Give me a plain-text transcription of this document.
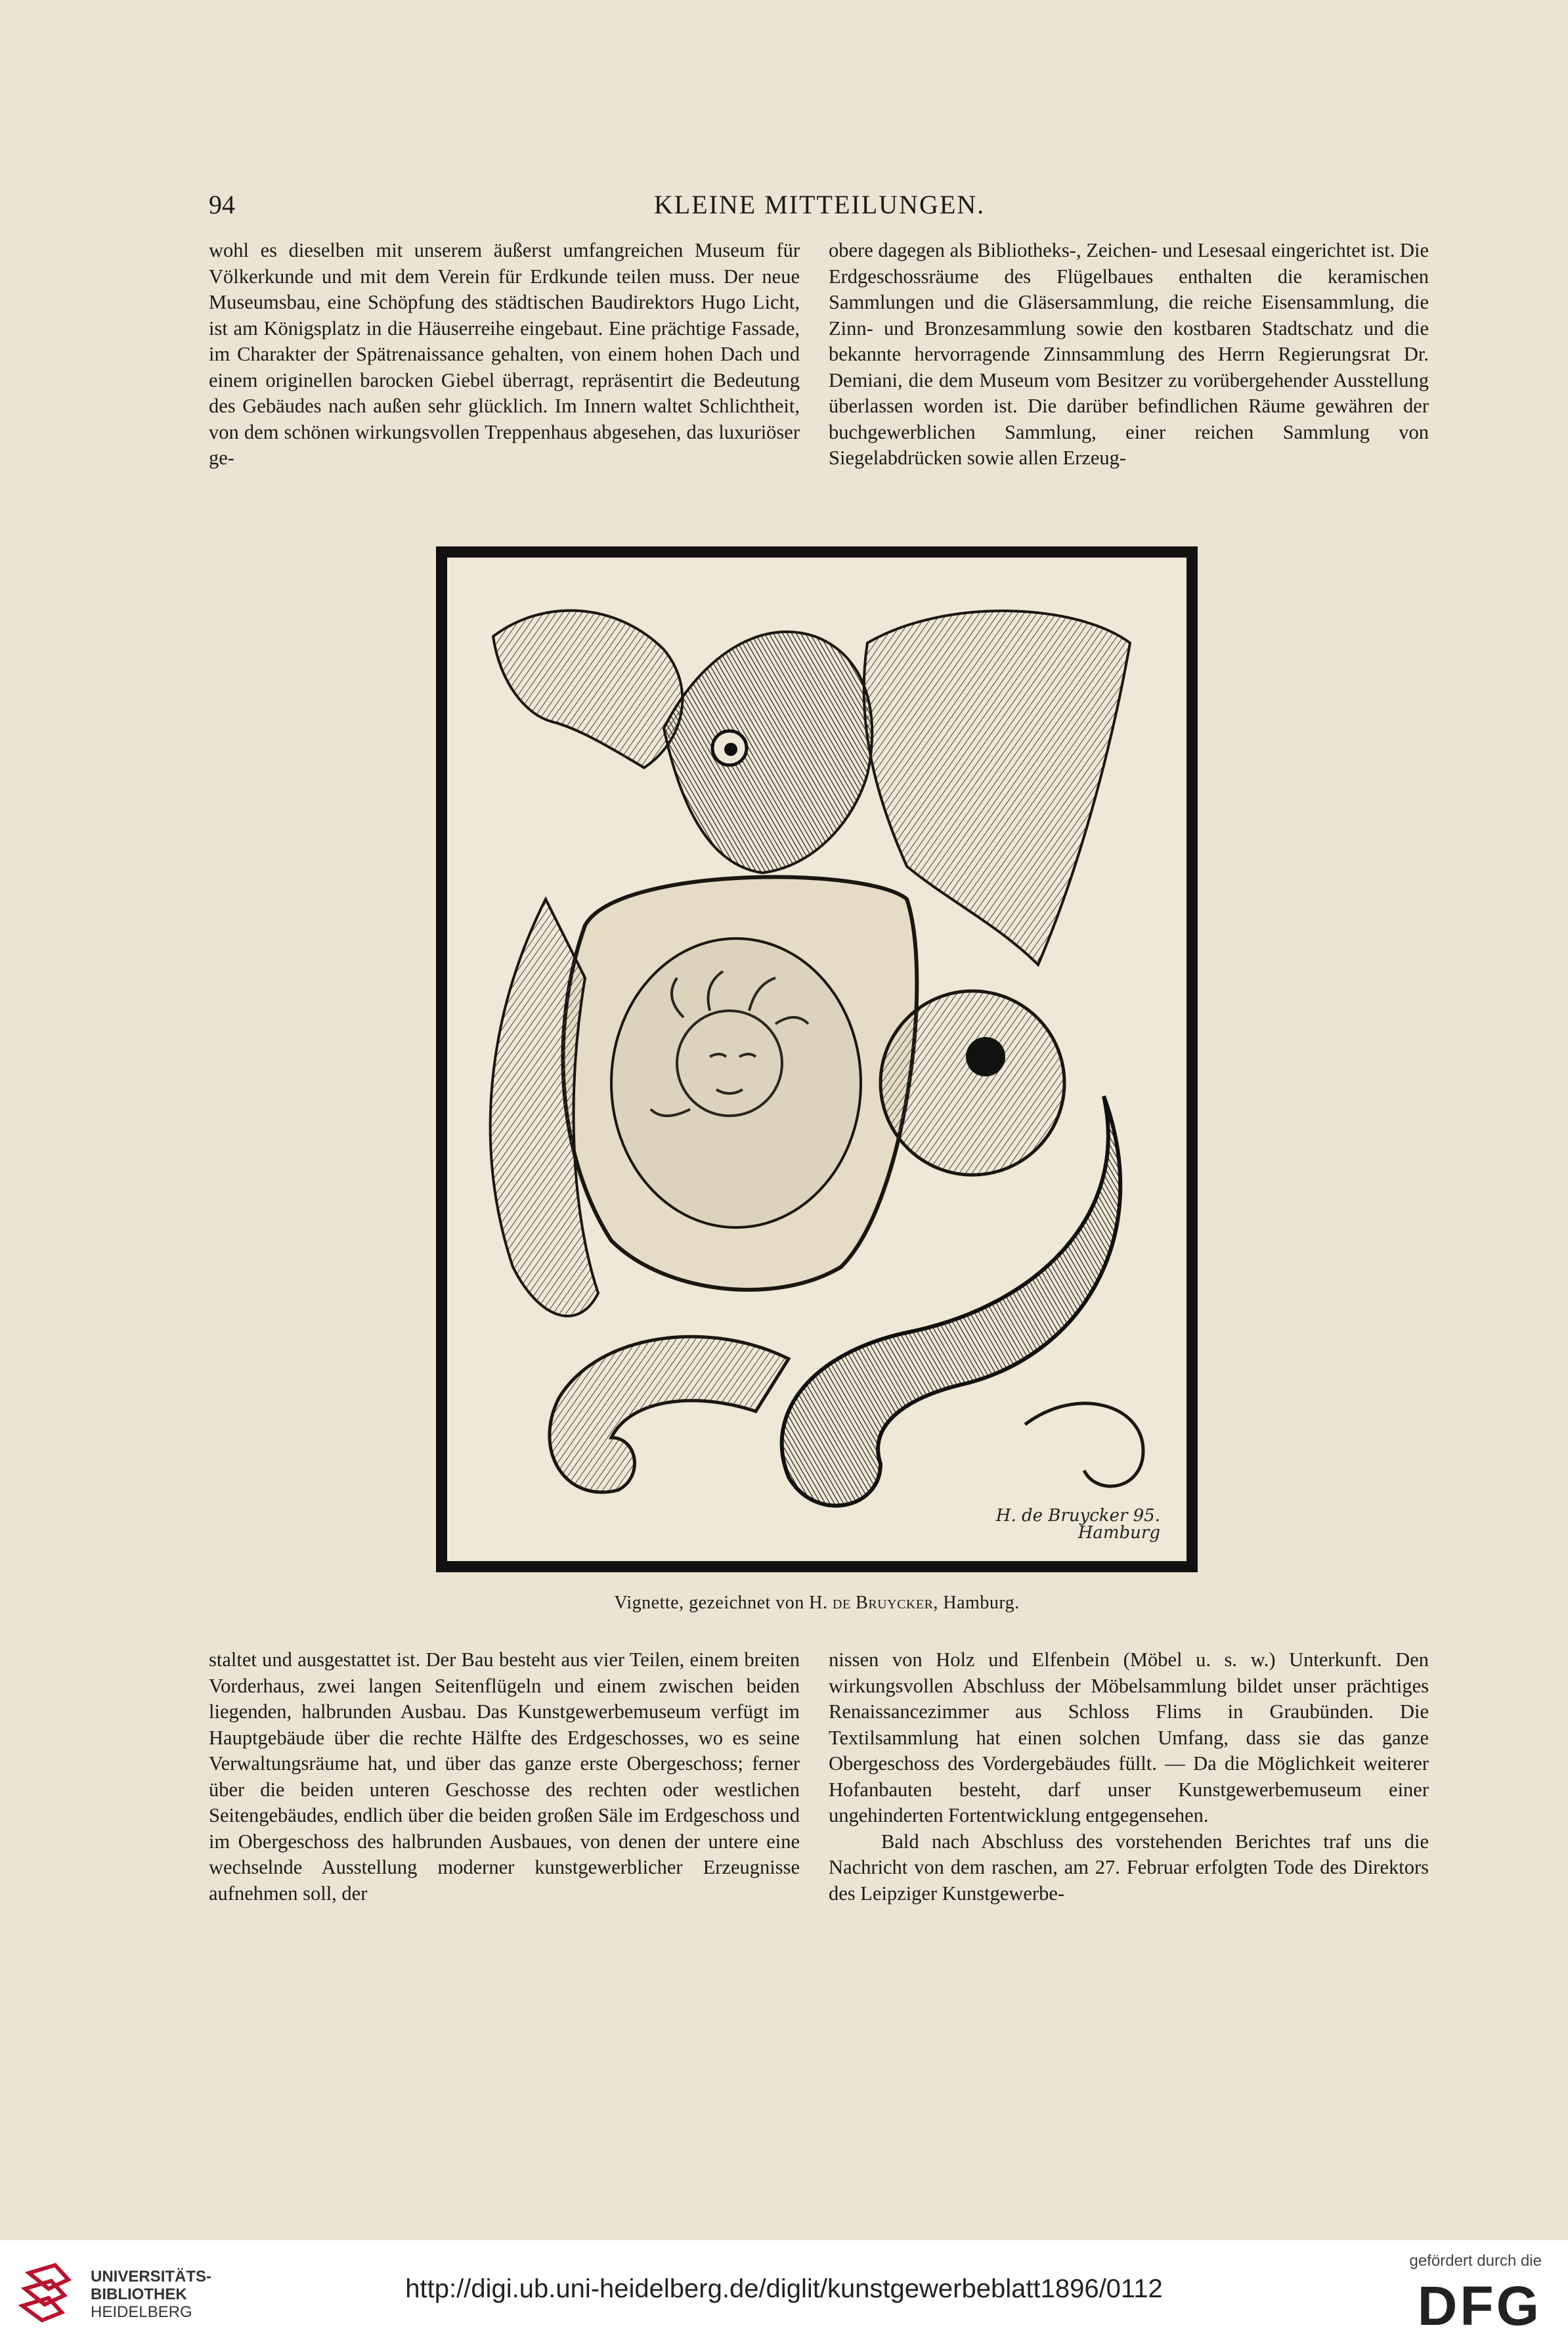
94	KLEINE MITTEILUNGEN.

wohl es dieselben mit unserem äußerst umfangreichen Museum für Völkerkunde und mit dem Verein für Erdkunde teilen muss. Der neue Museumsbau, eine Schöpfung des städtischen Baudirektors Hugo Licht, ist am Königsplatz in die Häuserreihe eingebaut. Eine prächtige Fassade, im Charakter der Spätrenaissance gehalten, von einem hohen Dach und einem originellen barocken Giebel überragt, repräsentirt die Bedeutung des Gebäudes nach außen sehr glücklich. Im Innern waltet Schlichtheit, von dem schönen wirkungsvollen Treppenhaus abgesehen, das luxuriöser ge-

obere dagegen als Bibliotheks-, Zeichen- und Lesesaal eingerichtet ist. Die Erdgeschossräume des Flügelbaues enthalten die keramischen Sammlungen und die Gläsersammlung, die reiche Eisensammlung, die Zinn- und Bronzesammlung sowie den kostbaren Stadtschatz und die bekannte hervorragende Zinnsammlung des Herrn Regierungsrat Dr. Demiani, die dem Museum vom Besitzer zu vorübergehender Ausstellung überlassen worden ist. Die darüber befindlichen Räume gewähren der buchgewerblichen Sammlung, einer reichen Sammlung von Siegelabdrücken sowie allen Erzeug-

H. de Bruycker 95.
Hamburg
Vignette, gezeichnet von H. de Bruycker, Hamburg.

staltet und ausgestattet ist. Der Bau besteht aus vier Teilen, einem breiten Vorderhaus, zwei langen Seitenflügeln und einem zwischen beiden liegenden, halbrunden Ausbau. Das Kunstgewerbemuseum verfügt im Hauptgebäude über die rechte Hälfte des Erdgeschosses, wo es seine Verwaltungsräume hat, und über das ganze erste Obergeschoss; ferner über die beiden unteren Geschosse des rechten oder westlichen Seitengebäudes, endlich über die beiden großen Säle im Erdgeschoss und im Obergeschoss des halbrunden Ausbaues, von denen der untere eine wechselnde Ausstellung moderner kunstgewerblicher Erzeugnisse aufnehmen soll, der

nissen von Holz und Elfenbein (Möbel u. s. w.) Unterkunft. Den wirkungsvollen Abschluss der Möbelsammlung bildet unser prächtiges Renaissancezimmer aus Schloss Flims in Graubünden. Die Textilsammlung hat einen solchen Umfang, dass sie das ganze Obergeschoss des Vordergebäudes füllt. — Da die Möglichkeit weiterer Hofanbauten besteht, darf unser Kunstgewerbemuseum einer ungehinderten Fortentwicklung entgegensehen.

Bald nach Abschluss des vorstehenden Berichtes traf uns die Nachricht von dem raschen, am 27. Februar erfolgten Tode des Direktors des Leipziger Kunstgewerbe-

UNIVERSITÄTS-
BIBLIOTHEK
HEIDELBERG
http://digi.ub.uni-heidelberg.de/diglit/kunstgewerbeblatt1896/0112
gefördert durch die
DFG
